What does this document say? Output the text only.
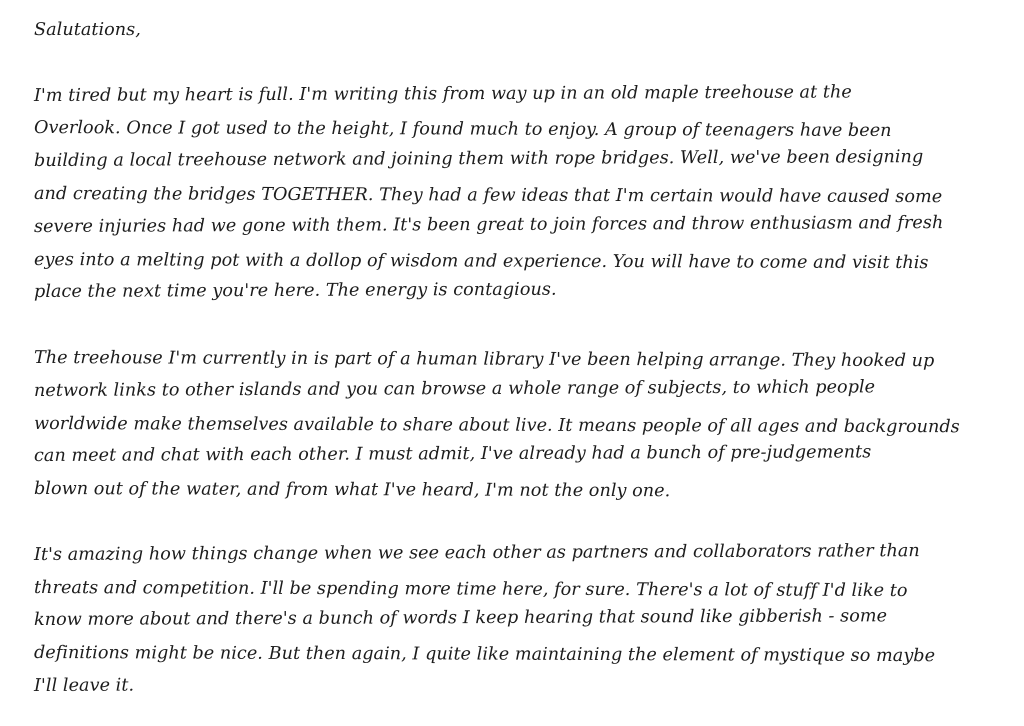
Salutations,
I'm tired but my heart is full. I'm writing this from way up in an old maple treehouse at the
Overlook. Once I got used to the height, I found much to enjoy. A group of teenagers have been
building a local treehouse network and joining them with rope bridges. Well, we've been designing
and creating the bridges TOGETHER. They had a few ideas that I'm certain would have caused some
severe injuries had we gone with them. It's been great to join forces and throw enthusiasm and fresh
eyes into a melting pot with a dollop of wisdom and experience. You will have to come and visit this
place the next time you're here. The energy is contagious.
The treehouse I'm currently in is part of a human library I've been helping arrange. They hooked up
network links to other islands and you can browse a whole range of subjects, to which people
worldwide make themselves available to share about live. It means people of all ages and backgrounds
can meet and chat with each other. I must admit, I've already had a bunch of pre-judgements
blown out of the water, and from what I've heard, I'm not the only one.
It's amazing how things change when we see each other as partners and collaborators rather than
threats and competition. I'll be spending more time here, for sure. There's a lot of stuff I'd like to
know more about and there's a bunch of words I keep hearing that sound like gibberish - some
definitions might be nice. But then again, I quite like maintaining the element of mystique so maybe
I'll leave it.
